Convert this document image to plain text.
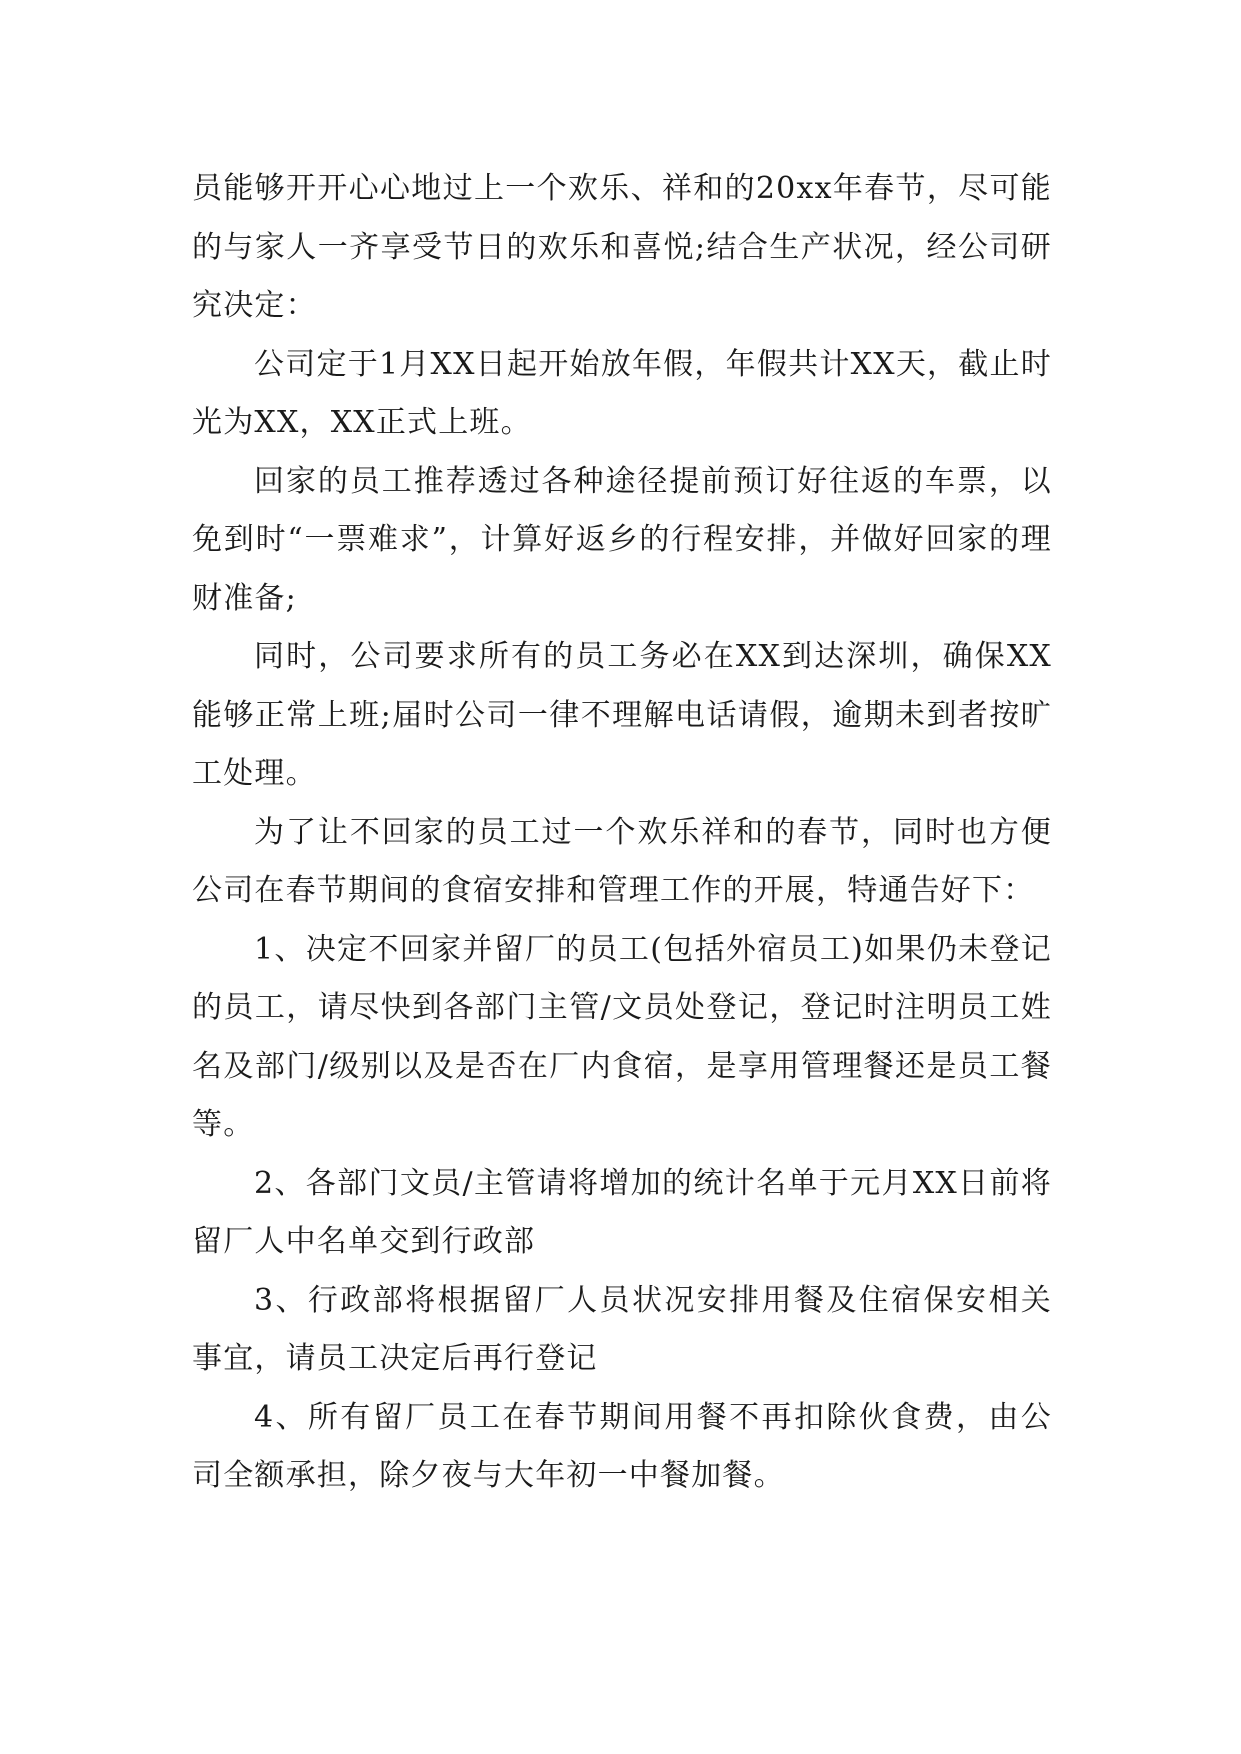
员能够开开心心地过上一个欢乐、祥和的20xx年春节，尽可能的与家人一齐享受节日的欢乐和喜悦;结合生产状况，经公司研究决定：

公司定于1月XX日起开始放年假，年假共计XX天，截止时光为XX，XX正式上班。

回家的员工推荐透过各种途径提前预订好往返的车票，以免到时“一票难求”，计算好返乡的行程安排，并做好回家的理财准备;

同时，公司要求所有的员工务必在XX到达深圳，确保XX能够正常上班;届时公司一律不理解电话请假，逾期未到者按旷工处理。

为了让不回家的员工过一个欢乐祥和的春节，同时也方便公司在春节期间的食宿安排和管理工作的开展，特通告好下：

1、决定不回家并留厂的员工(包括外宿员工)如果仍未登记的员工，请尽快到各部门主管/文员处登记，登记时注明员工姓名及部门/级别以及是否在厂内食宿，是享用管理餐还是员工餐等。

2、各部门文员/主管请将增加的统计名单于元月XX日前将留厂人中名单交到行政部

3、行政部将根据留厂人员状况安排用餐及住宿保安相关事宜，请员工决定后再行登记

4、所有留厂员工在春节期间用餐不再扣除伙食费，由公司全额承担，除夕夜与大年初一中餐加餐。
